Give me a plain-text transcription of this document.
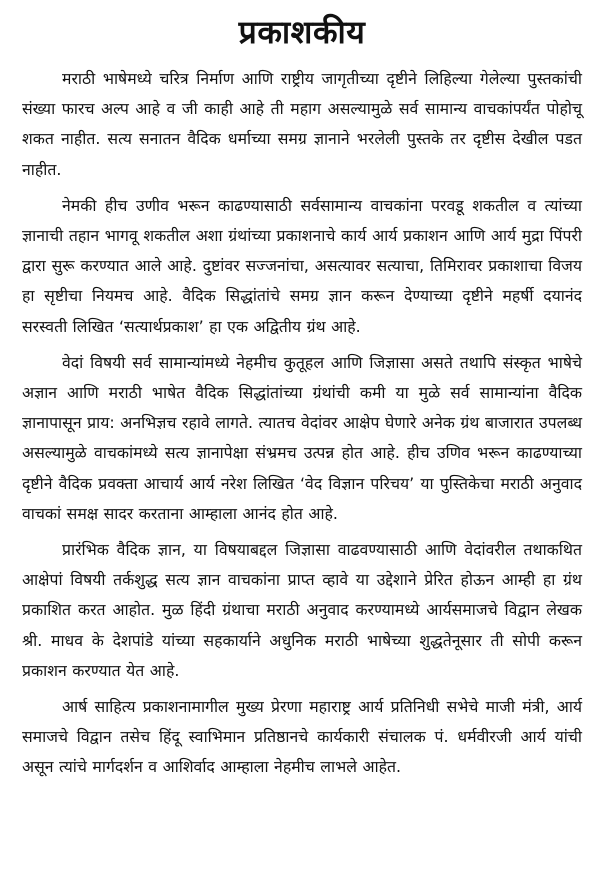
प्रकाशकीय

मराठी भाषेमध्ये चरित्र निर्माण आणि राष्ट्रीय जागृतीच्या दृष्टीने लिहिल्या गेलेल्या पुस्तकांची संख्या फारच अल्प आहे व जी काही आहे ती महाग असल्यामुळे सर्व सामान्य वाचकांपर्यंत पोहोचू शकत नाहीत. सत्य सनातन वैदिक धर्माच्या समग्र ज्ञानाने भरलेली पुस्तके तर दृष्टीस देखील पडत नाहीत.

नेमकी हीच उणीव भरून काढण्यासाठी सर्वसामान्य वाचकांना परवडू शकतील व त्यांच्या ज्ञानाची तहान भागवू शकतील अशा ग्रंथांच्या प्रकाशनाचे कार्य आर्य प्रकाशन आणि आर्य मुद्रा पिंपरी द्वारा सुरू करण्यात आले आहे. दुष्टांवर सज्जनांचा, असत्यावर सत्याचा, तिमिरावर प्रकाशाचा विजय हा सृष्टीचा नियमच आहे. वैदिक सिद्धांतांचे समग्र ज्ञान करून देण्याच्या दृष्टीने महर्षी दयानंद सरस्वती लिखित ‘सत्यार्थप्रकाश’ हा एक अद्वितीय ग्रंथ आहे.

वेदां विषयी सर्व सामान्यांमध्ये नेहमीच कुतूहल आणि जिज्ञासा असते तथापि संस्कृत भाषेचे अज्ञान आणि मराठी भाषेत वैदिक सिद्धांतांच्या ग्रंथांची कमी या मुळे सर्व सामान्यांना वैदिक ज्ञानापासून प्राय: अनभिज्ञच रहावे लागते. त्यातच वेदांवर आक्षेप घेणारे अनेक ग्रंथ बाजारात उपलब्ध असल्यामुळे वाचकांमध्ये सत्य ज्ञानापेक्षा संभ्रमच उत्पन्न होत आहे. हीच उणिव भरून काढण्याच्या दृष्टीने वैदिक प्रवक्ता आचार्य आर्य नरेश लिखित ‘वेद विज्ञान परिचय’ या पुस्तिकेचा मराठी अनुवाद वाचकां समक्ष सादर करताना आम्हाला आनंद होत आहे.

प्रारंभिक वैदिक ज्ञान, या विषयाबद्दल जिज्ञासा वाढवण्यासाठी आणि वेदांवरील तथाकथित आक्षेपां विषयी तर्कशुद्ध सत्य ज्ञान वाचकांना प्राप्त व्हावे या उद्देशाने प्रेरित होऊन आम्ही हा ग्रंथ प्रकाशित करत आहोत. मुळ हिंदी ग्रंथाचा मराठी अनुवाद करण्यामध्ये आर्यसमाजचे विद्वान लेखक श्री. माधव के देशपांडे यांच्या सहकार्याने अधुनिक मराठी भाषेच्या शुद्धतेनूसार ती सोपी करून प्रकाशन करण्यात येत आहे.

आर्ष साहित्य प्रकाशनामागील मुख्य प्रेरणा महाराष्ट्र आर्य प्रतिनिधी सभेचे माजी मंत्री, आर्य समाजचे विद्वान तसेच हिंदू स्वाभिमान प्रतिष्ठानचे कार्यकारी संचालक पं. धर्मवीरजी आर्य यांची असून त्यांचे मार्गदर्शन व आशिर्वाद आम्हाला नेहमीच लाभले आहेत.
